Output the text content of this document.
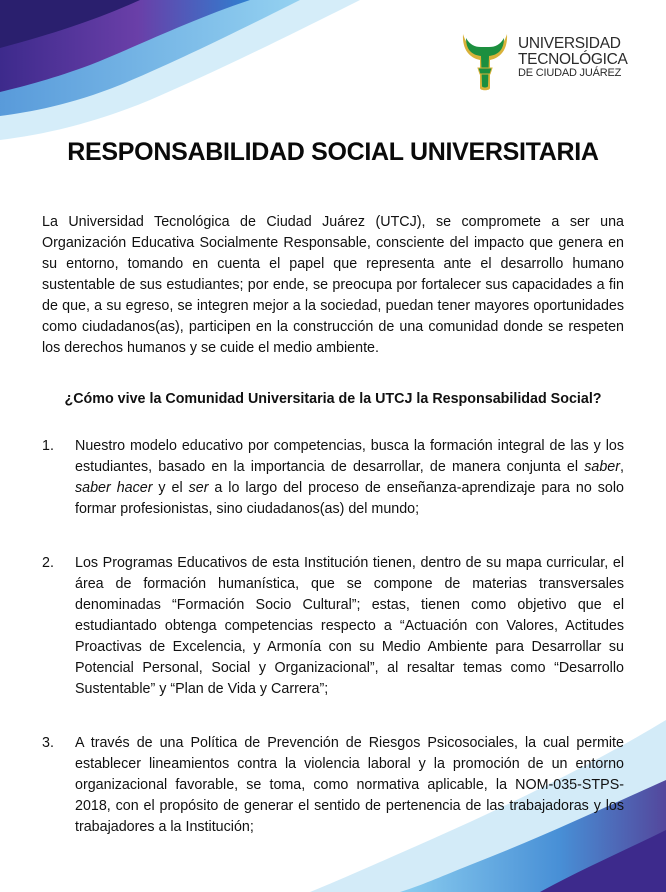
UNIVERSIDAD
TECNOLÓGICA
DE CIUDAD JUÁREZ
RESPONSABILIDAD SOCIAL UNIVERSITARIA

La Universidad Tecnológica de Ciudad Juárez (UTCJ), se compromete a ser una Organización Educativa Socialmente Responsable, consciente del impacto que genera en su entorno, tomando en cuenta el papel que representa ante el desarrollo humano sustentable de sus estudiantes; por ende, se preocupa por fortalecer sus capacidades a fin de que, a su egreso, se integren mejor a la sociedad, puedan tener mayores oportunidades como ciudadanos(as), participen en la construcción de una comunidad donde se respeten los derechos humanos y se cuide el medio ambiente.

¿Cómo vive la Comunidad Universitaria de la UTCJ la Responsabilidad Social?

1.	Nuestro modelo educativo por competencias, busca la formación integral de las y los estudiantes, basado en la importancia de desarrollar, de manera conjunta el saber, saber hacer y el ser a lo largo del proceso de enseñanza-aprendizaje para no solo formar profesionistas, sino ciudadanos(as) del mundo;
2.	Los Programas Educativos de esta Institución tienen, dentro de su mapa curricular, el área de formación humanística, que se compone de materias transversales denominadas “Formación Socio Cultural”; estas, tienen como objetivo que el estudiantado obtenga competencias respecto a “Actuación con Valores, Actitudes Proactivas de Excelencia, y Armonía con su Medio Ambiente para Desarrollar su Potencial Personal, Social y Organizacional”, al resaltar temas como “Desarrollo Sustentable” y “Plan de Vida y Carrera”;
3.	A través de una Política de Prevención de Riesgos Psicosociales, la cual permite establecer lineamientos contra la violencia laboral y la promoción de un entorno organizacional favorable, se toma, como normativa aplicable, la NOM-035-STPS-2018, con el propósito de generar el sentido de pertenencia de las trabajadoras y los trabajadores a la Institución;
